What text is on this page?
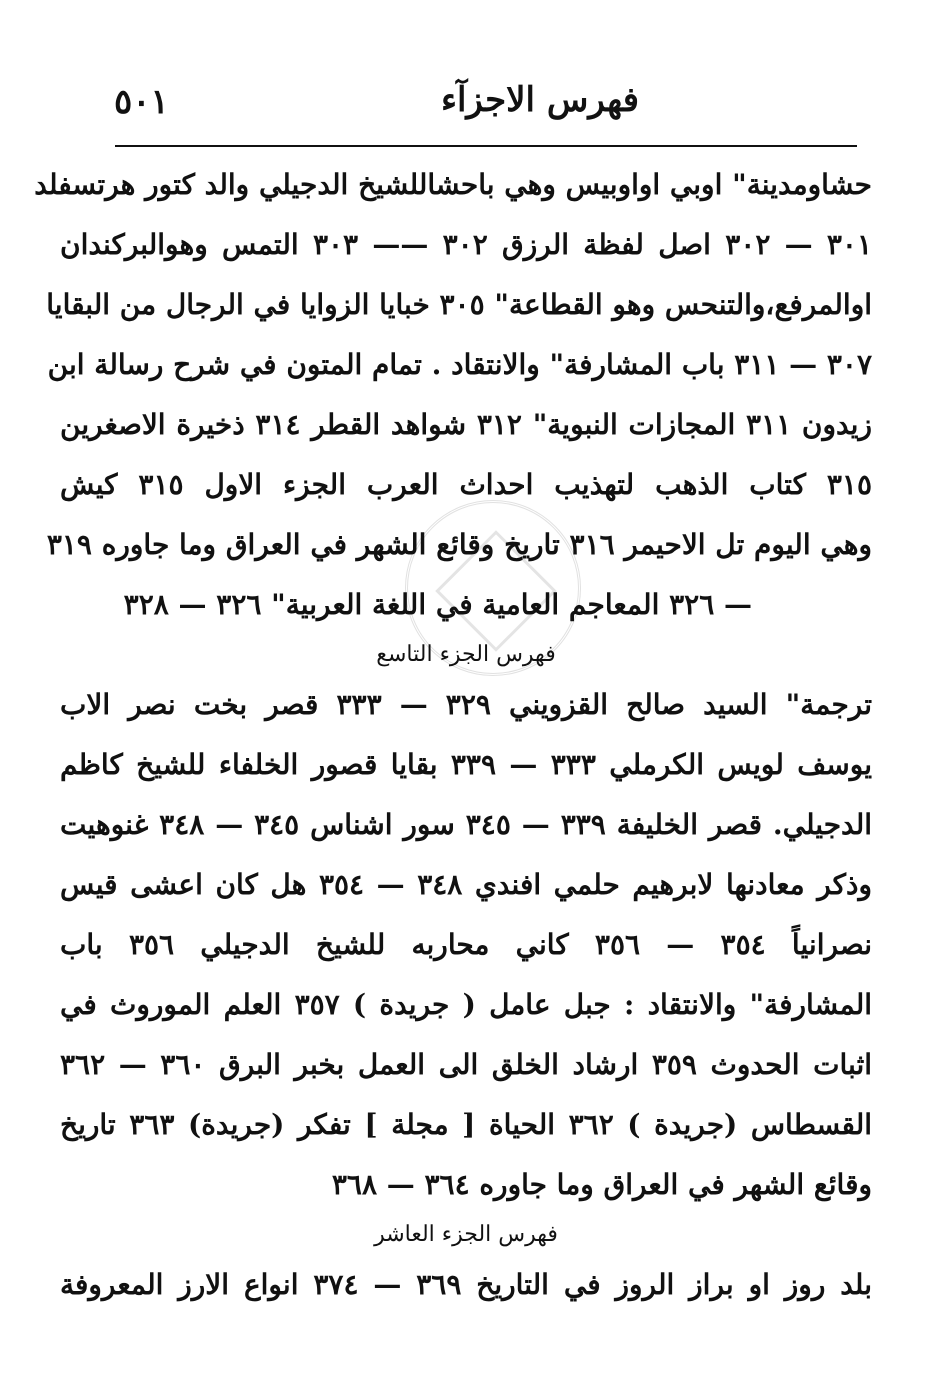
٥٠١	فهرس الاجزآء
حشاومدينة" اوبي اواوبيس وهي باحشاللشيخ الدجيلي والد كتور هرتسفلد
٣٠١ — ٣٠٢ اصل لفظة الرزق ٣٠٢ —— ٣٠٣ التمس وهوالبركندان
اوالمرفع،والتنحس وهو القطاعة" ٣٠٥ خبايا الزوايا في الرجال من البقايا
٣٠٧ — ٣١١ باب المشارفة" والانتقاد . تمام المتون في شرح رسالة ابن
زيدون ٣١١ المجازات النبوية" ٣١٢ شواهد القطر ٣١٤ ذخيرة الاصغرين
٣١٥ كتاب الذهب لتهذيب احداث العرب الجزء الاول ٣١٥ كيش
وهي اليوم تل الاحيمر ٣١٦ تاريخ وقائع الشهر في العراق وما جاوره ٣١٩
— ٣٢٦ المعاجم العامية في اللغة العربية" ٣٢٦ — ٣٢٨
فهرس الجزء التاسع
ترجمة" السيد صالح القزويني ٣٢٩ — ٣٣٣ قصر بخت نصر الاب
يوسف لويس الكرملي ٣٣٣ — ٣٣٩ بقايا قصور الخلفاء للشيخ كاظم
الدجيلي. قصر الخليفة ٣٣٩ — ٣٤٥ سور اشناس ٣٤٥ — ٣٤٨ غنوهيت
وذكر معادنها لابرهيم حلمي افندي ٣٤٨ — ٣٥٤ هل كان اعشى قيس
نصرانياً ٣٥٤ — ٣٥٦ كاني محاربه للشيخ الدجيلي ٣٥٦ باب
المشارفة" والانتقاد : جبل عامل ( جريدة ) ٣٥٧ العلم الموروث في
اثبات الحدوث ٣٥٩ ارشاد الخلق الى العمل بخبر البرق ٣٦٠ — ٣٦٢
القسطاس (جريدة ) ٣٦٢ الحياة [ مجلة ] تفكر (جريدة) ٣٦٣ تاريخ
وقائع الشهر في العراق وما جاوره ٣٦٤ — ٣٦٨
فهرس الجزء العاشر
بلد روز او براز الروز في التاريخ ٣٦٩ — ٣٧٤ انواع الارز المعروفة
